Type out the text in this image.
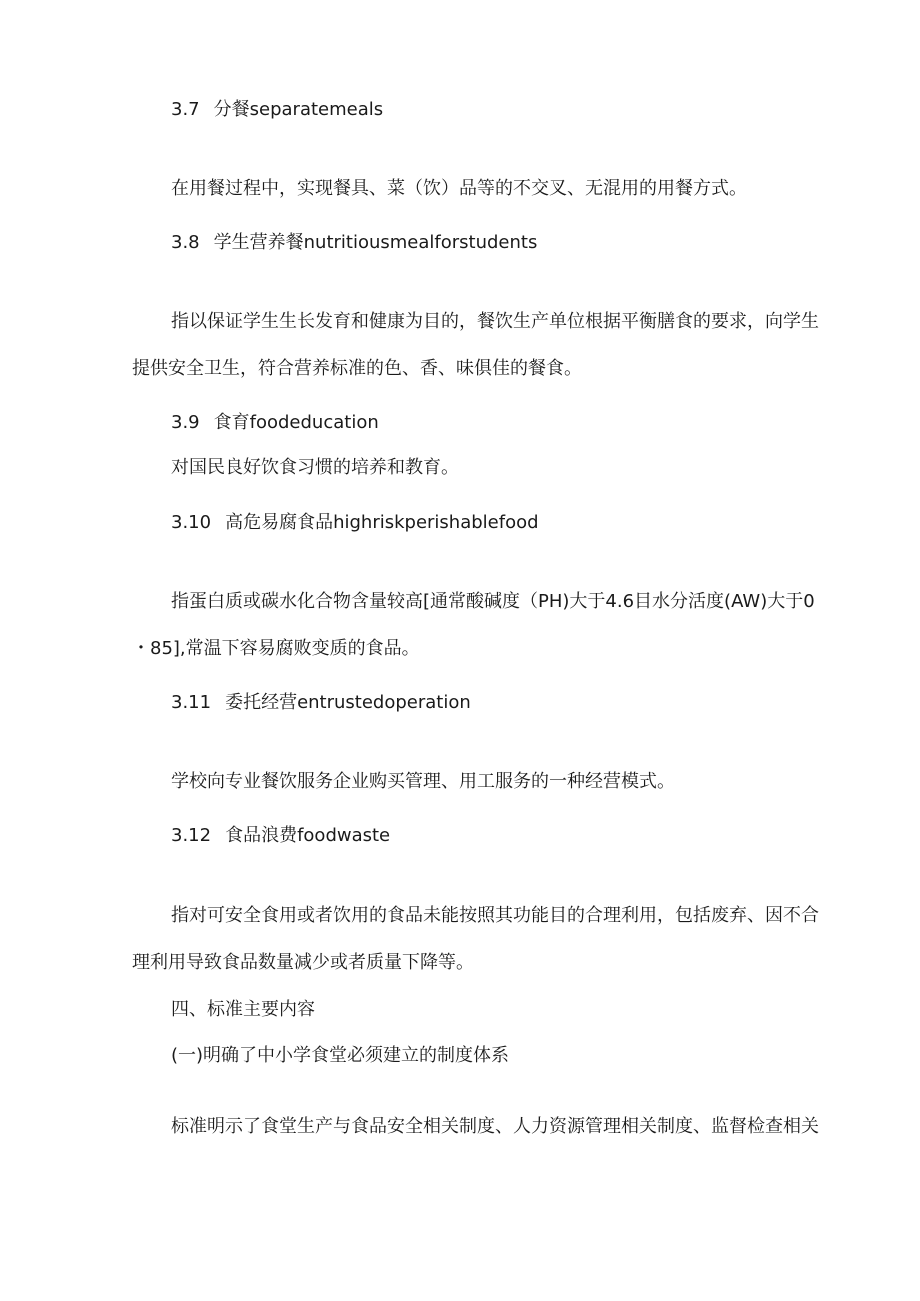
3.7 分餐separatemeals
在用餐过程中，实现餐具、菜（饮）品等的不交叉、无混用的用餐方式。
3.8 学生营养餐nutritiousmealforstudents
指以保证学生生长发育和健康为目的，餐饮生产单位根据平衡膳食的要求，向学生
提供安全卫生，符合营养标准的色、香、味俱佳的餐食。
3.9 食育foodeducation
对国民良好饮食习惯的培养和教育。
3.10 高危易腐食品highriskperishablefood
指蛋白质或碳水化合物含量较高[通常酸碱度（PH)大于4.6目水分活度(AW)大于0
・85],常温下容易腐败变质的食品。
3.11 委托经营entrustedoperation
学校向专业餐饮服务企业购买管理、用工服务的一种经营模式。
3.12 食品浪费foodwaste
指对可安全食用或者饮用的食品未能按照其功能目的合理利用，包括废弃、因不合
理利用导致食品数量减少或者质量下降等。
四、标准主要内容
(一)明确了中小学食堂必须建立的制度体系
标准明示了食堂生产与食品安全相关制度、人力资源管理相关制度、监督检查相关
